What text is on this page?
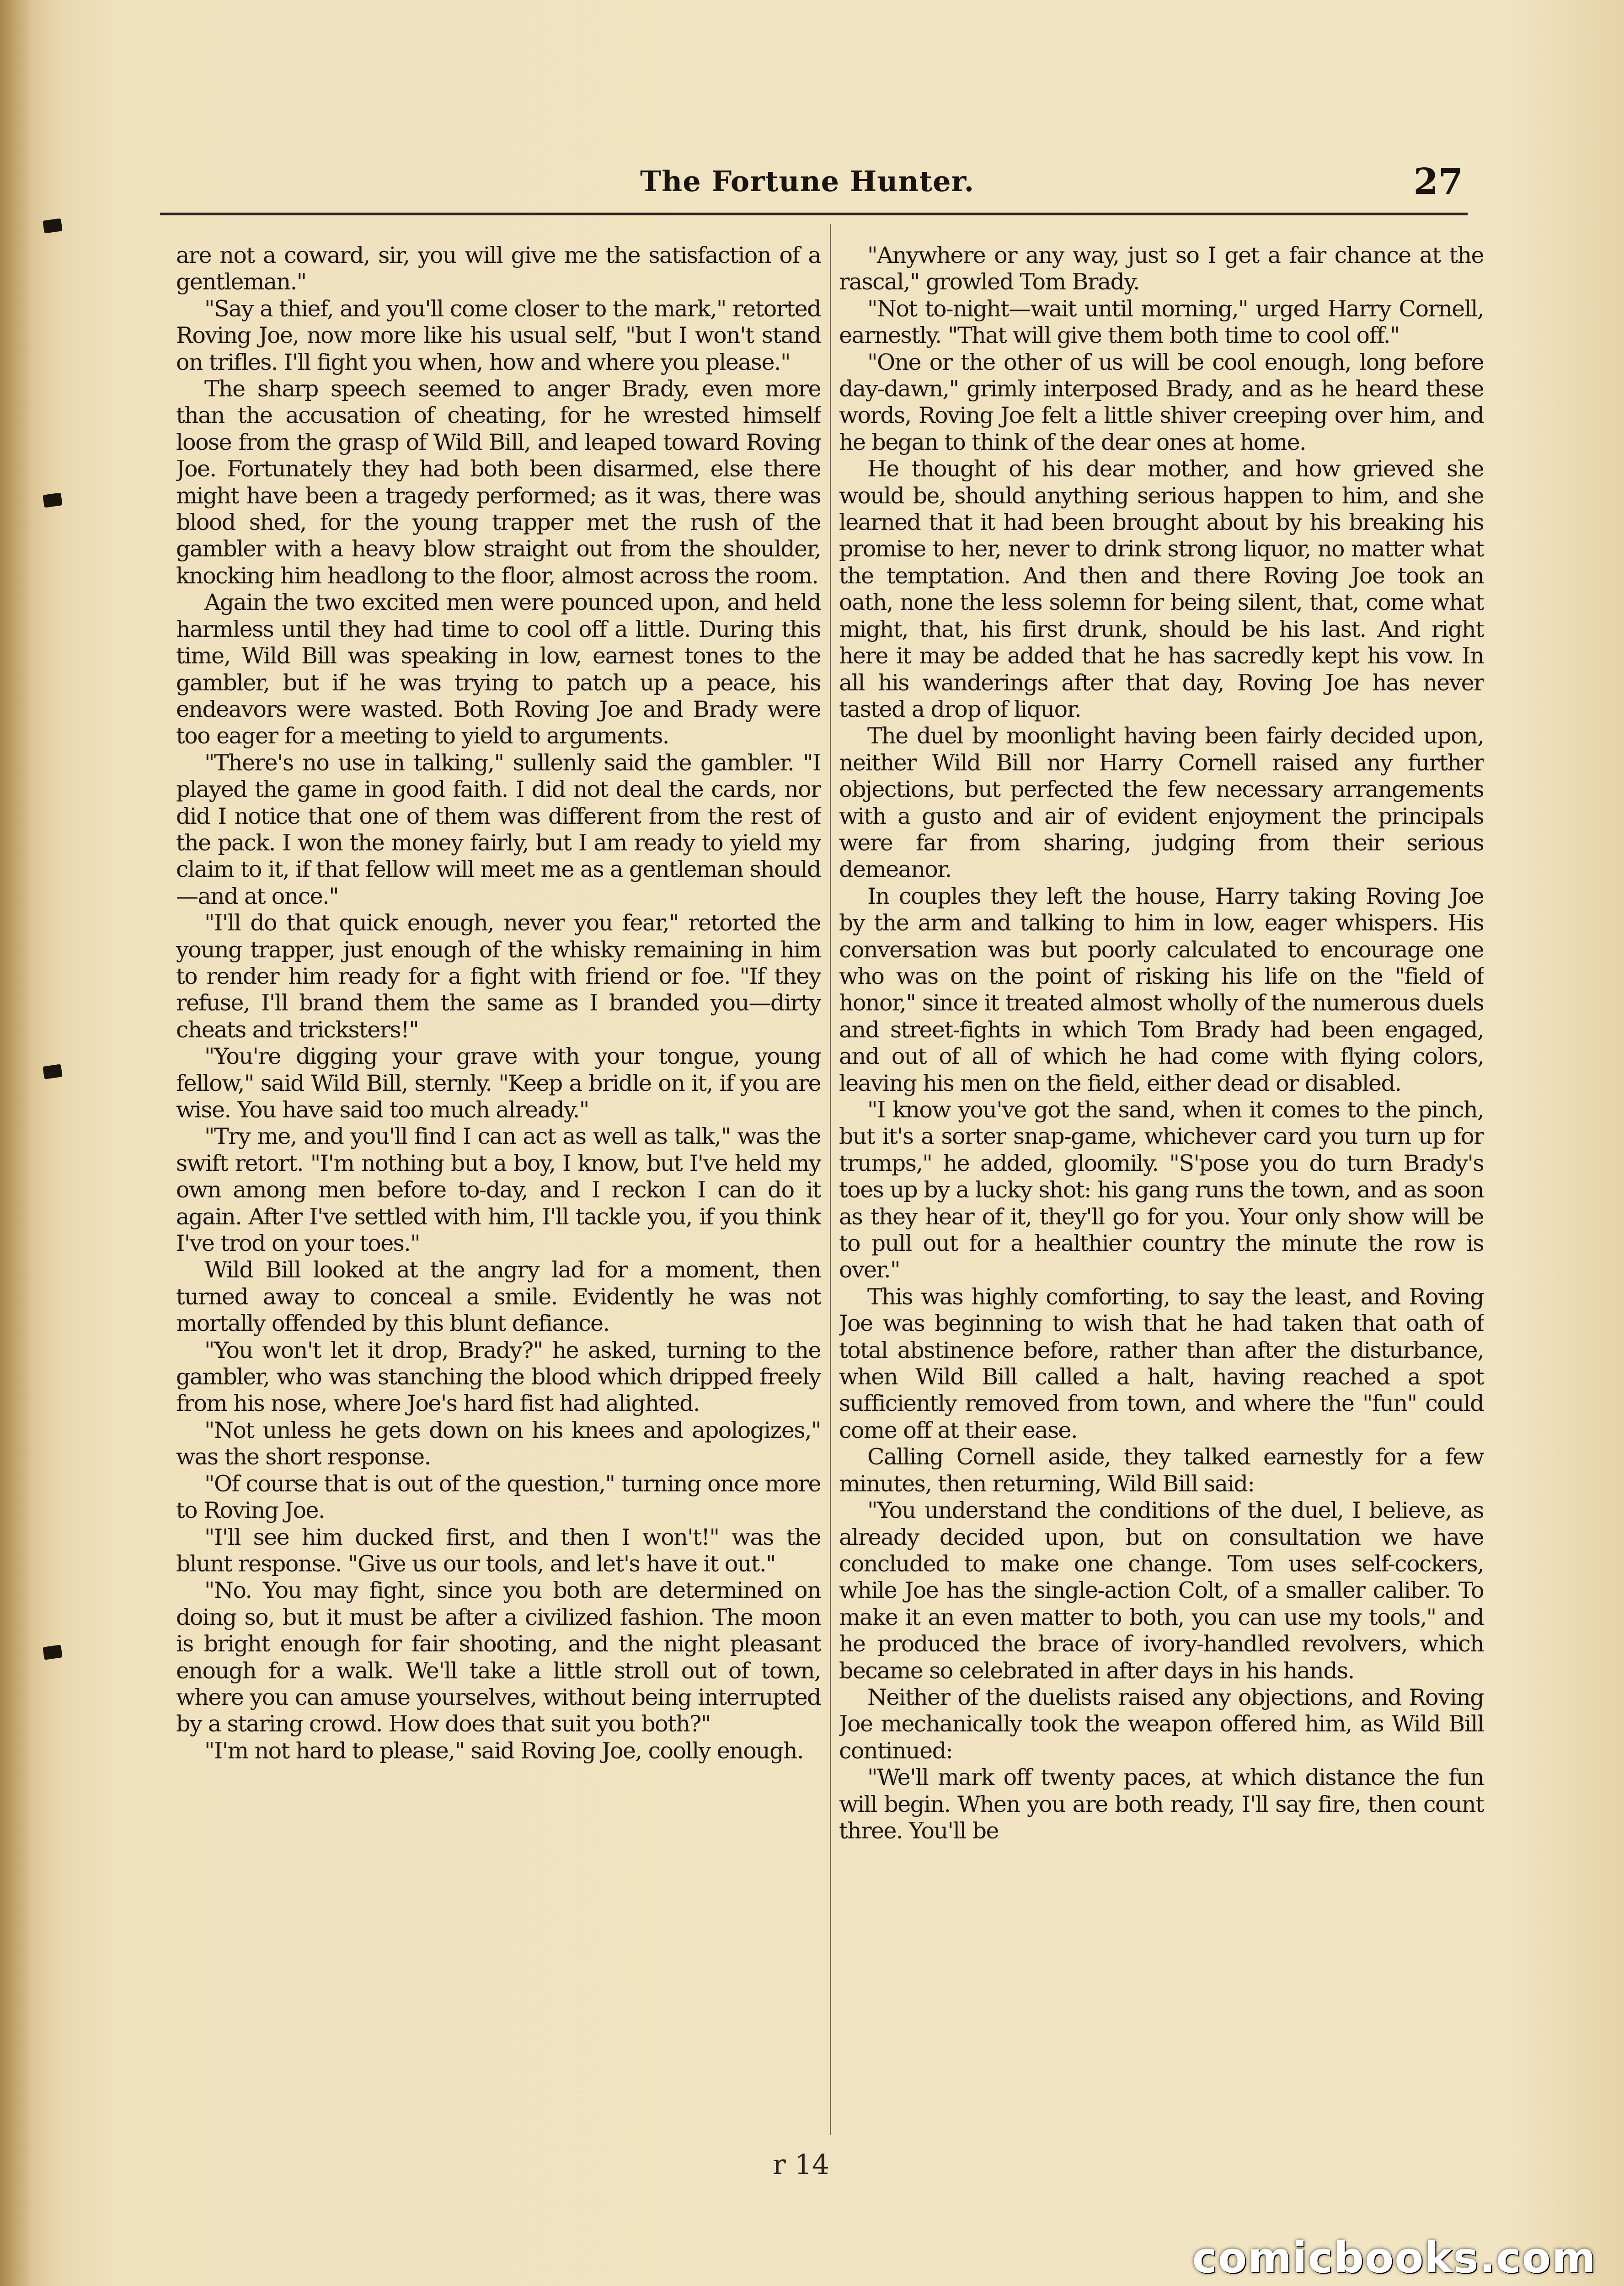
The Fortune Hunter.	27

are not a coward, sir, you will give me the satisfaction of a gentleman."

"Say a thief, and you'll come closer to the mark," retorted Roving Joe, now more like his usual self, "but I won't stand on trifles. I'll fight you when, how and where you please."

The sharp speech seemed to anger Brady, even more than the accusation of cheating, for he wrested himself loose from the grasp of Wild Bill, and leaped toward Roving Joe. Fortunately they had both been disarmed, else there might have been a tragedy performed; as it was, there was blood shed, for the young trapper met the rush of the gambler with a heavy blow straight out from the shoulder, knocking him headlong to the floor, almost across the room.

Again the two excited men were pounced upon, and held harmless until they had time to cool off a little. During this time, Wild Bill was speaking in low, earnest tones to the gambler, but if he was trying to patch up a peace, his endeavors were wasted. Both Roving Joe and Brady were too eager for a meeting to yield to arguments.

"There's no use in talking," sullenly said the gambler. "I played the game in good faith. I did not deal the cards, nor did I notice that one of them was different from the rest of the pack. I won the money fairly, but I am ready to yield my claim to it, if that fellow will meet me as a gentleman should—and at once."

"I'll do that quick enough, never you fear," retorted the young trapper, just enough of the whisky remaining in him to render him ready for a fight with friend or foe. "If they refuse, I'll brand them the same as I branded you—dirty cheats and tricksters!"

"You're digging your grave with your tongue, young fellow," said Wild Bill, sternly. "Keep a bridle on it, if you are wise. You have said too much already."

"Try me, and you'll find I can act as well as talk," was the swift retort. "I'm nothing but a boy, I know, but I've held my own among men before to-day, and I reckon I can do it again. After I've settled with him, I'll tackle you, if you think I've trod on your toes."

Wild Bill looked at the angry lad for a moment, then turned away to conceal a smile. Evidently he was not mortally offended by this blunt defiance.

"You won't let it drop, Brady?" he asked, turning to the gambler, who was stanching the blood which dripped freely from his nose, where Joe's hard fist had alighted.

"Not unless he gets down on his knees and apologizes," was the short response.

"Of course that is out of the question," turning once more to Roving Joe.

"I'll see him ducked first, and then I won't!" was the blunt response. "Give us our tools, and let's have it out."

"No. You may fight, since you both are determined on doing so, but it must be after a civilized fashion. The moon is bright enough for fair shooting, and the night pleasant enough for a walk. We'll take a little stroll out of town, where you can amuse yourselves, without being interrupted by a staring crowd. How does that suit you both?"

"I'm not hard to please," said Roving Joe, coolly enough.

"Anywhere or any way, just so I get a fair chance at the rascal," growled Tom Brady.

"Not to-night—wait until morning," urged Harry Cornell, earnestly. "That will give them both time to cool off."

"One or the other of us will be cool enough, long before day-dawn," grimly interposed Brady, and as he heard these words, Roving Joe felt a little shiver creeping over him, and he began to think of the dear ones at home.

He thought of his dear mother, and how grieved she would be, should anything serious happen to him, and she learned that it had been brought about by his breaking his promise to her, never to drink strong liquor, no matter what the temptation. And then and there Roving Joe took an oath, none the less solemn for being silent, that, come what might, that, his first drunk, should be his last. And right here it may be added that he has sacredly kept his vow. In all his wanderings after that day, Roving Joe has never tasted a drop of liquor.

The duel by moonlight having been fairly decided upon, neither Wild Bill nor Harry Cornell raised any further objections, but perfected the few necessary arrangements with a gusto and air of evident enjoyment the principals were far from sharing, judging from their serious demeanor.

In couples they left the house, Harry taking Roving Joe by the arm and talking to him in low, eager whispers. His conversation was but poorly calculated to encourage one who was on the point of risking his life on the "field of honor," since it treated almost wholly of the numerous duels and street-fights in which Tom Brady had been engaged, and out of all of which he had come with flying colors, leaving his men on the field, either dead or disabled.

"I know you've got the sand, when it comes to the pinch, but it's a sorter snap-game, whichever card you turn up for trumps," he added, gloomily. "S'pose you do turn Brady's toes up by a lucky shot: his gang runs the town, and as soon as they hear of it, they'll go for you. Your only show will be to pull out for a healthier country the minute the row is over."

This was highly comforting, to say the least, and Roving Joe was beginning to wish that he had taken that oath of total abstinence before, rather than after the disturbance, when Wild Bill called a halt, having reached a spot sufficiently removed from town, and where the "fun" could come off at their ease.

Calling Cornell aside, they talked earnestly for a few minutes, then returning, Wild Bill said:

"You understand the conditions of the duel, I believe, as already decided upon, but on consultation we have concluded to make one change. Tom uses self-cockers, while Joe has the single-action Colt, of a smaller caliber. To make it an even matter to both, you can use my tools," and he produced the brace of ivory-handled revolvers, which became so celebrated in after days in his hands.

Neither of the duelists raised any objections, and Roving Joe mechanically took the weapon offered him, as Wild Bill continued:

"We'll mark off twenty paces, at which distance the fun will begin. When you are both ready, I'll say fire, then count three. You'll be

r 14
comicbooks.com
